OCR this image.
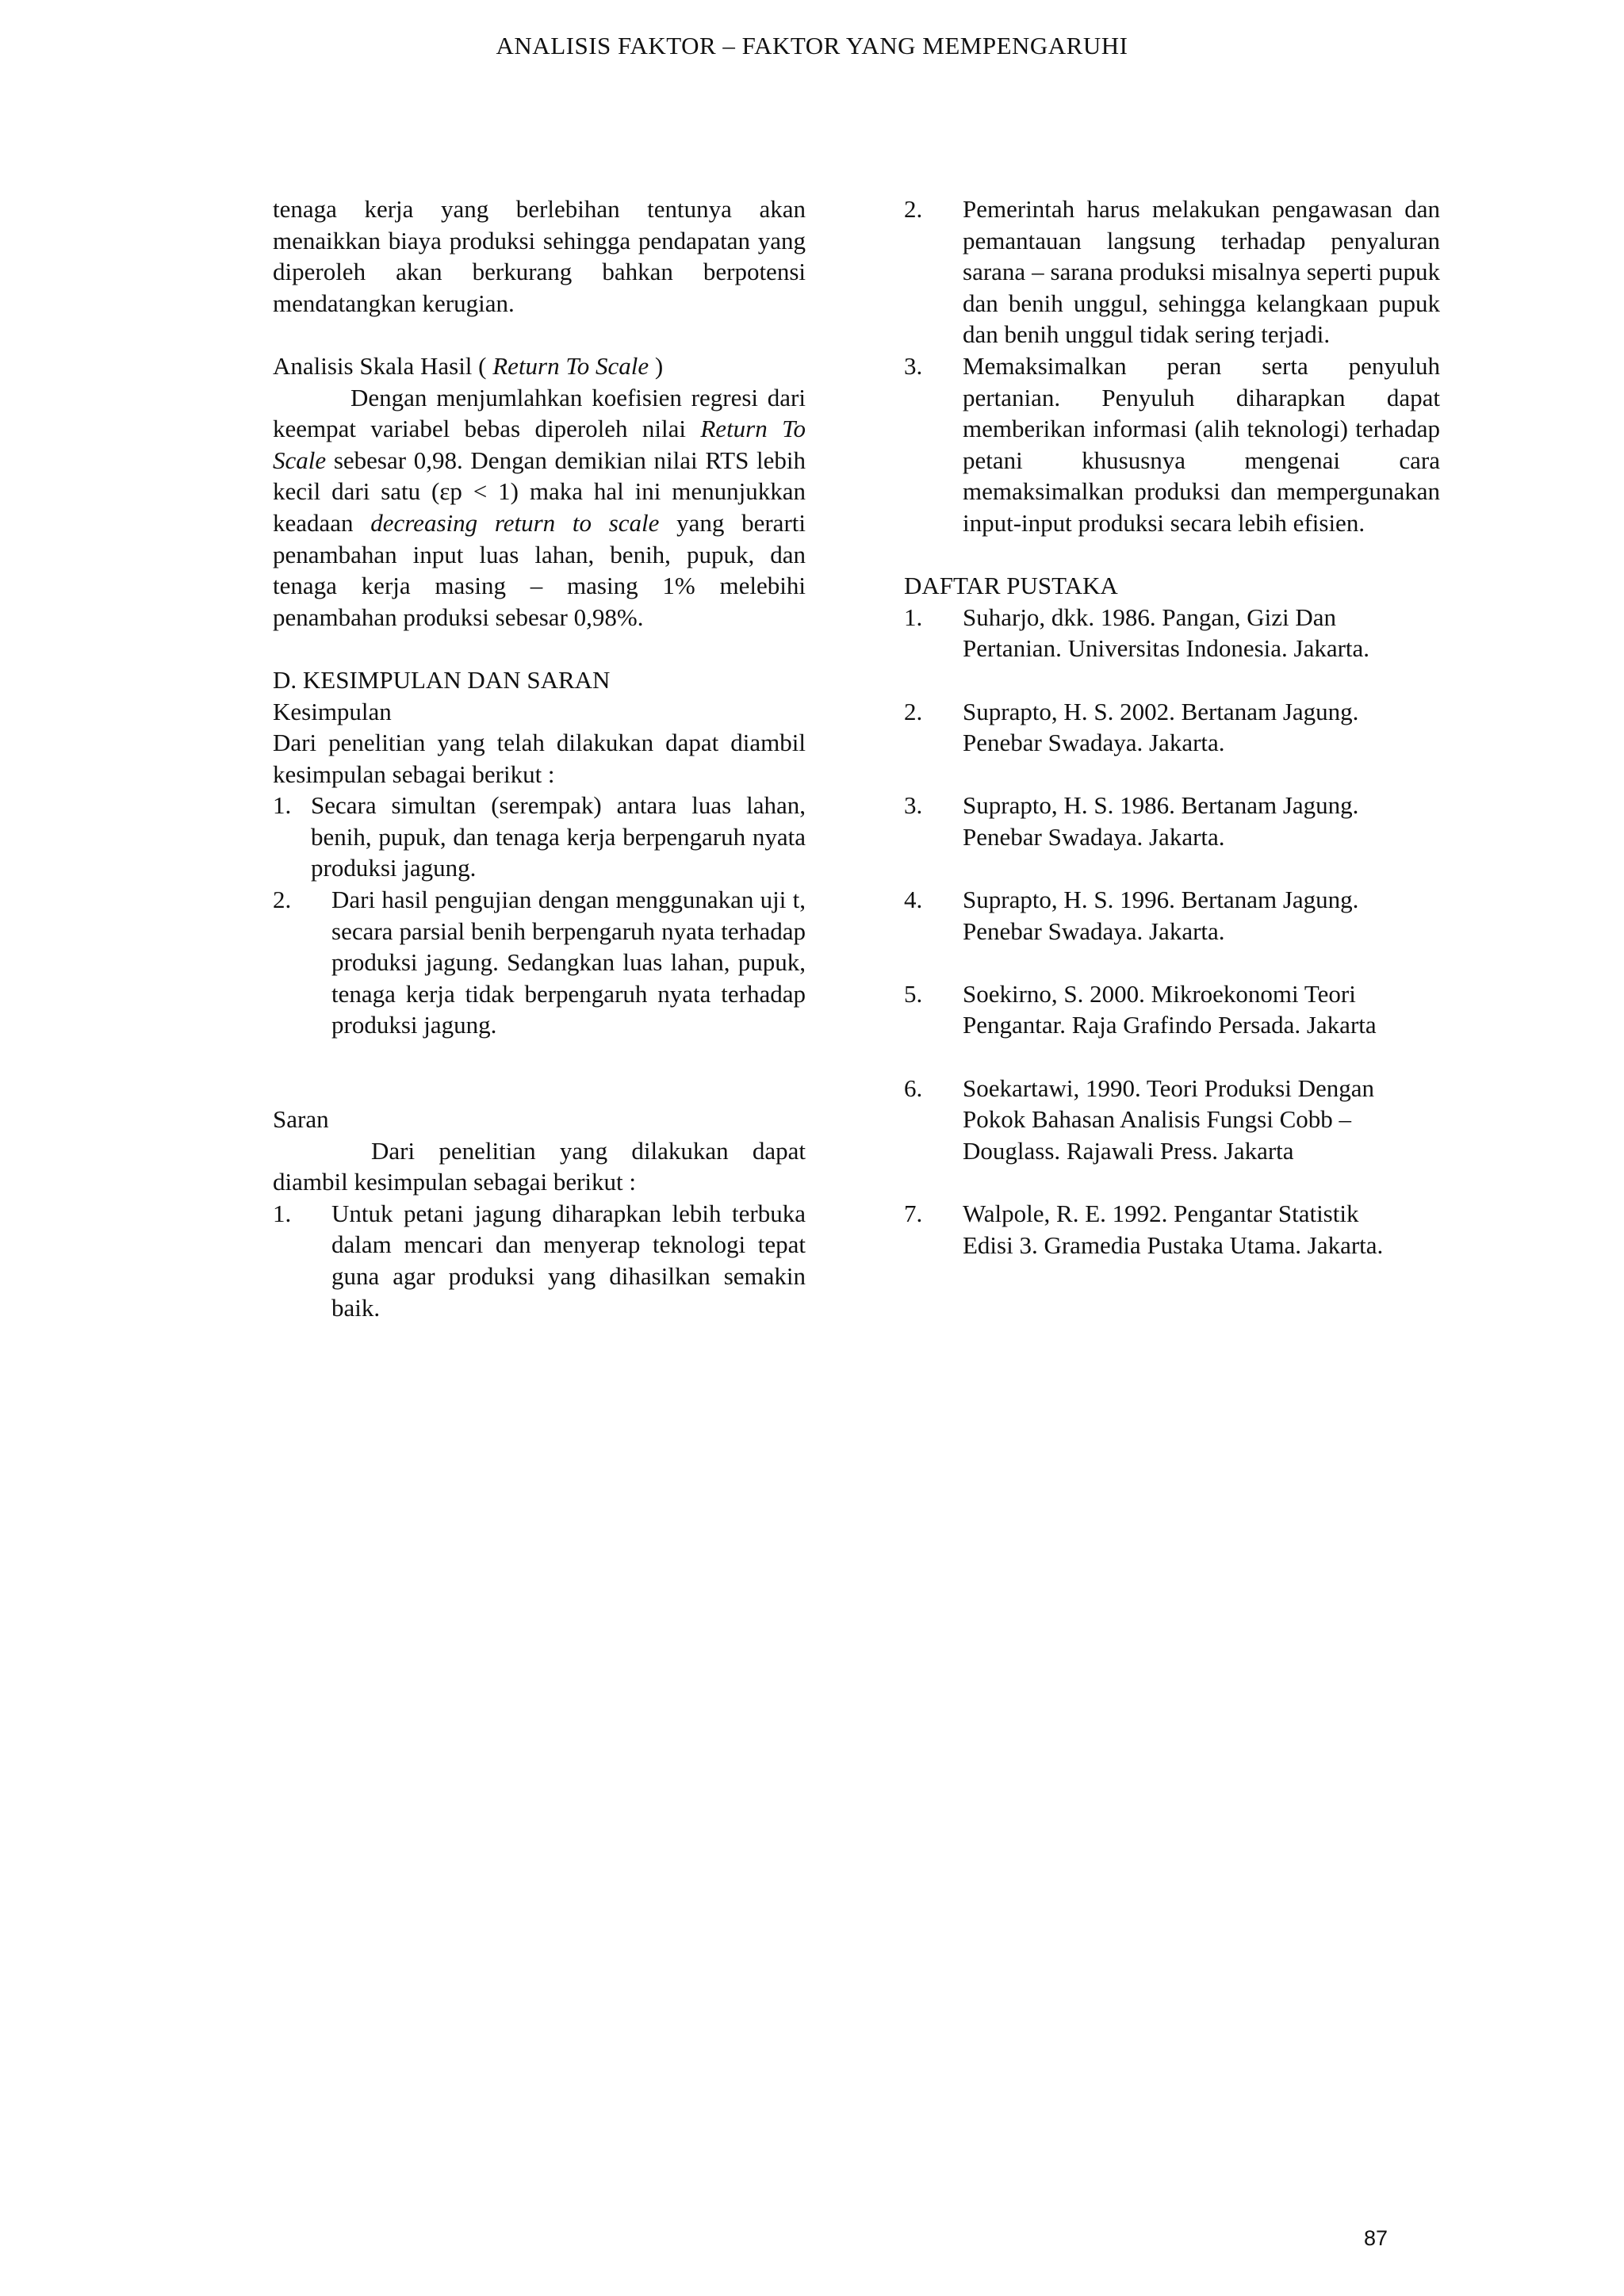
ANALISIS FAKTOR – FAKTOR YANG MEMPENGARUHI

tenaga kerja yang berlebihan tentunya akan menaikkan biaya produksi sehingga pendapatan yang diperoleh akan berkurang bahkan berpotensi mendatangkan kerugian.

Analisis Skala Hasil ( Return To Scale )

Dengan menjumlahkan koefisien regresi dari keempat variabel bebas diperoleh nilai Return To Scale sebesar 0,98. Dengan demikian nilai RTS lebih kecil dari satu (εp < 1) maka hal ini menunjukkan keadaan decreasing return to scale yang berarti penambahan input luas lahan, benih, pupuk, dan tenaga kerja masing – masing 1% melebihi penambahan produksi sebesar 0,98%.

D. KESIMPULAN DAN SARAN

Kesimpulan

Dari penelitian yang telah dilakukan dapat diambil kesimpulan sebagai berikut :

1. Secara simultan (serempak) antara luas lahan, benih, pupuk, dan tenaga kerja berpengaruh nyata produksi jagung.
2.	Dari hasil pengujian dengan menggunakan uji t, secara parsial benih berpengaruh nyata terhadap produksi jagung. Sedangkan luas lahan, pupuk, tenaga kerja tidak berpengaruh nyata terhadap produksi jagung.

Saran

Dari penelitian yang dilakukan dapat diambil kesimpulan sebagai berikut :

1.	Untuk petani jagung diharapkan lebih terbuka dalam mencari dan menyerap teknologi tepat guna agar produksi yang dihasilkan semakin baik.
2.	Pemerintah harus melakukan pengawasan dan pemantauan langsung terhadap penyaluran sarana – sarana produksi misalnya seperti pupuk dan benih unggul, sehingga kelangkaan pupuk dan benih unggul tidak sering terjadi.
3.	Memaksimalkan peran serta penyuluh pertanian. Penyuluh diharapkan dapat memberikan informasi (alih teknologi) terhadap petani khususnya mengenai cara memaksimalkan produksi dan mempergunakan input-input produksi secara lebih efisien.

DAFTAR PUSTAKA

1.	Suharjo, dkk. 1986. Pangan, Gizi Dan
Pertanian. Universitas Indonesia. Jakarta.
2.	Suprapto, H. S. 2002. Bertanam Jagung.
Penebar Swadaya. Jakarta.
3.	Suprapto, H. S. 1986. Bertanam Jagung.
Penebar Swadaya. Jakarta.
4.	Suprapto, H. S. 1996. Bertanam Jagung.
Penebar Swadaya. Jakarta.
5.	Soekirno, S. 2000. Mikroekonomi Teori
Pengantar. Raja Grafindo Persada. Jakarta
6.	Soekartawi, 1990. Teori Produksi Dengan
Pokok Bahasan Analisis Fungsi Cobb –
Douglass. Rajawali Press. Jakarta
7.	Walpole, R. E. 1992. Pengantar Statistik
Edisi 3. Gramedia Pustaka Utama. Jakarta.
87
